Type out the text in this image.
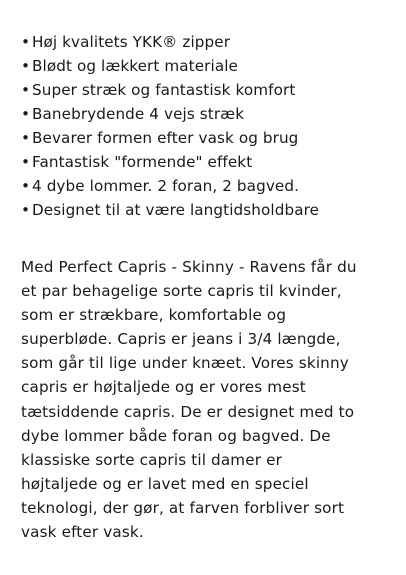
• Høj kvalitets YKK® zipper
• Blødt og lækkert materiale
• Super stræk og fantastisk komfort
• Banebrydende 4 vejs stræk
• Bevarer formen efter vask og brug
• Fantastisk "formende" effekt
• 4 dybe lommer. 2 foran, 2 bagved.
• Designet til at være langtidsholdbare

Med Perfect Capris - Skinny - Ravens får du
et par behagelige sorte capris til kvinder,
som er strækbare, komfortable og
superbløde. Capris er jeans i 3/4 længde,
som går til lige under knæet. Vores skinny
capris er højtaljede og er vores mest
tætsiddende capris. De er designet med to
dybe lommer både foran og bagved. De
klassiske sorte capris til damer er
højtaljede og er lavet med en speciel
teknologi, der gør, at farven forbliver sort
vask efter vask.
